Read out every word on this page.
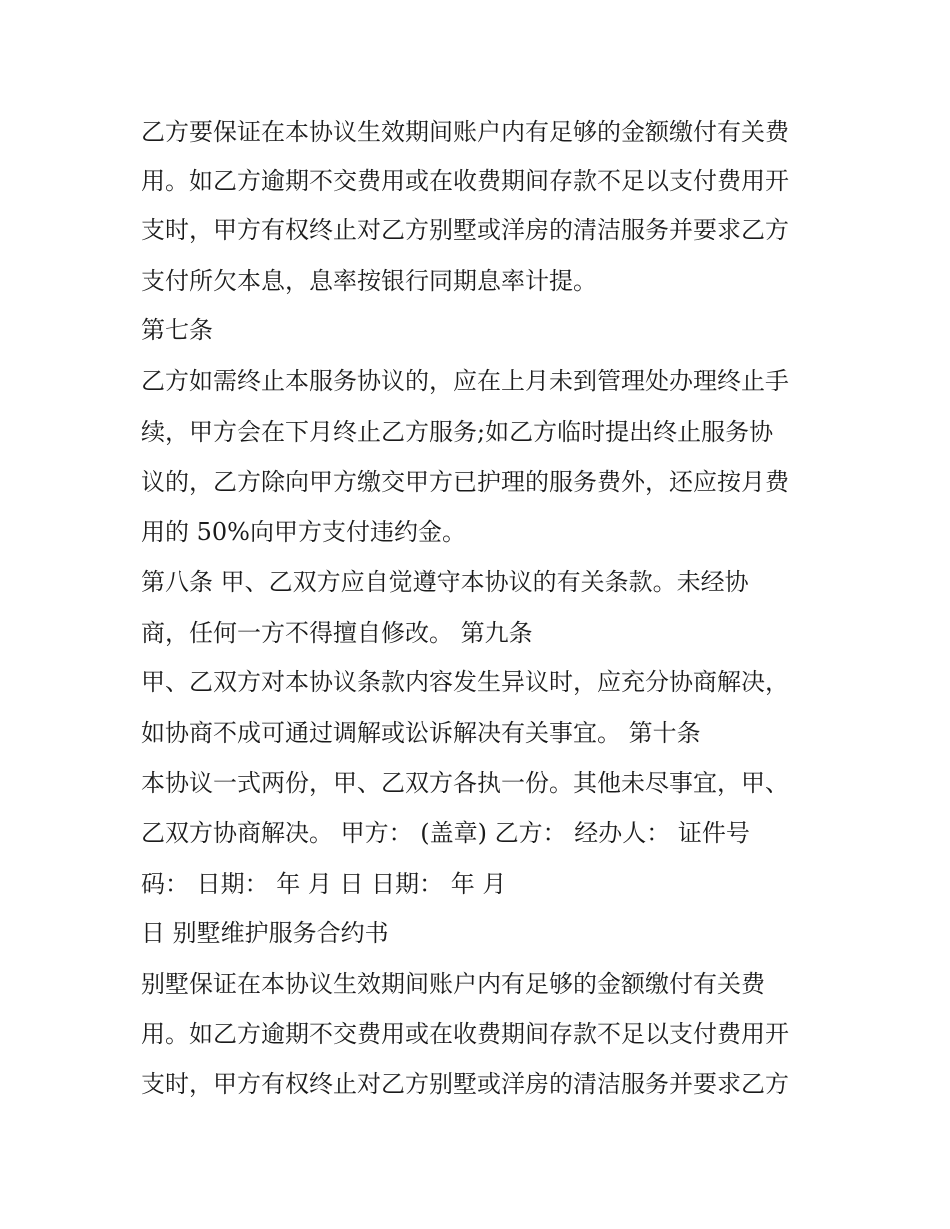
乙方要保证在本协议生效期间账户内有足够的金额缴付有关费
用。如乙方逾期不交费用或在收费期间存款不足以支付费用开
支时，甲方有权终止对乙方别墅或洋房的清洁服务并要求乙方
支付所欠本息，息率按银行同期息率计提。
第七条
乙方如需终止本服务协议的，应在上月未到管理处办理终止手
续，甲方会在下月终止乙方服务;如乙方临时提出终止服务协
议的，乙方除向甲方缴交甲方已护理的服务费外，还应按月费
用的 50%向甲方支付违约金。
第八条 甲、乙双方应自觉遵守本协议的有关条款。未经协
商，任何一方不得擅自修改。 第九条
甲、乙双方对本协议条款内容发生异议时，应充分协商解决，
如协商不成可通过调解或讼诉解决有关事宜。 第十条
本协议一式两份，甲、乙双方各执一份。其他未尽事宜，甲、
乙双方协商解决。 甲方： (盖章) 乙方： 经办人： 证件号
码： 日期： 年 月 日 日期： 年 月
日 别墅维护服务合约书
别墅保证在本协议生效期间账户内有足够的金额缴付有关费
用。如乙方逾期不交费用或在收费期间存款不足以支付费用开
支时，甲方有权终止对乙方别墅或洋房的清洁服务并要求乙方
